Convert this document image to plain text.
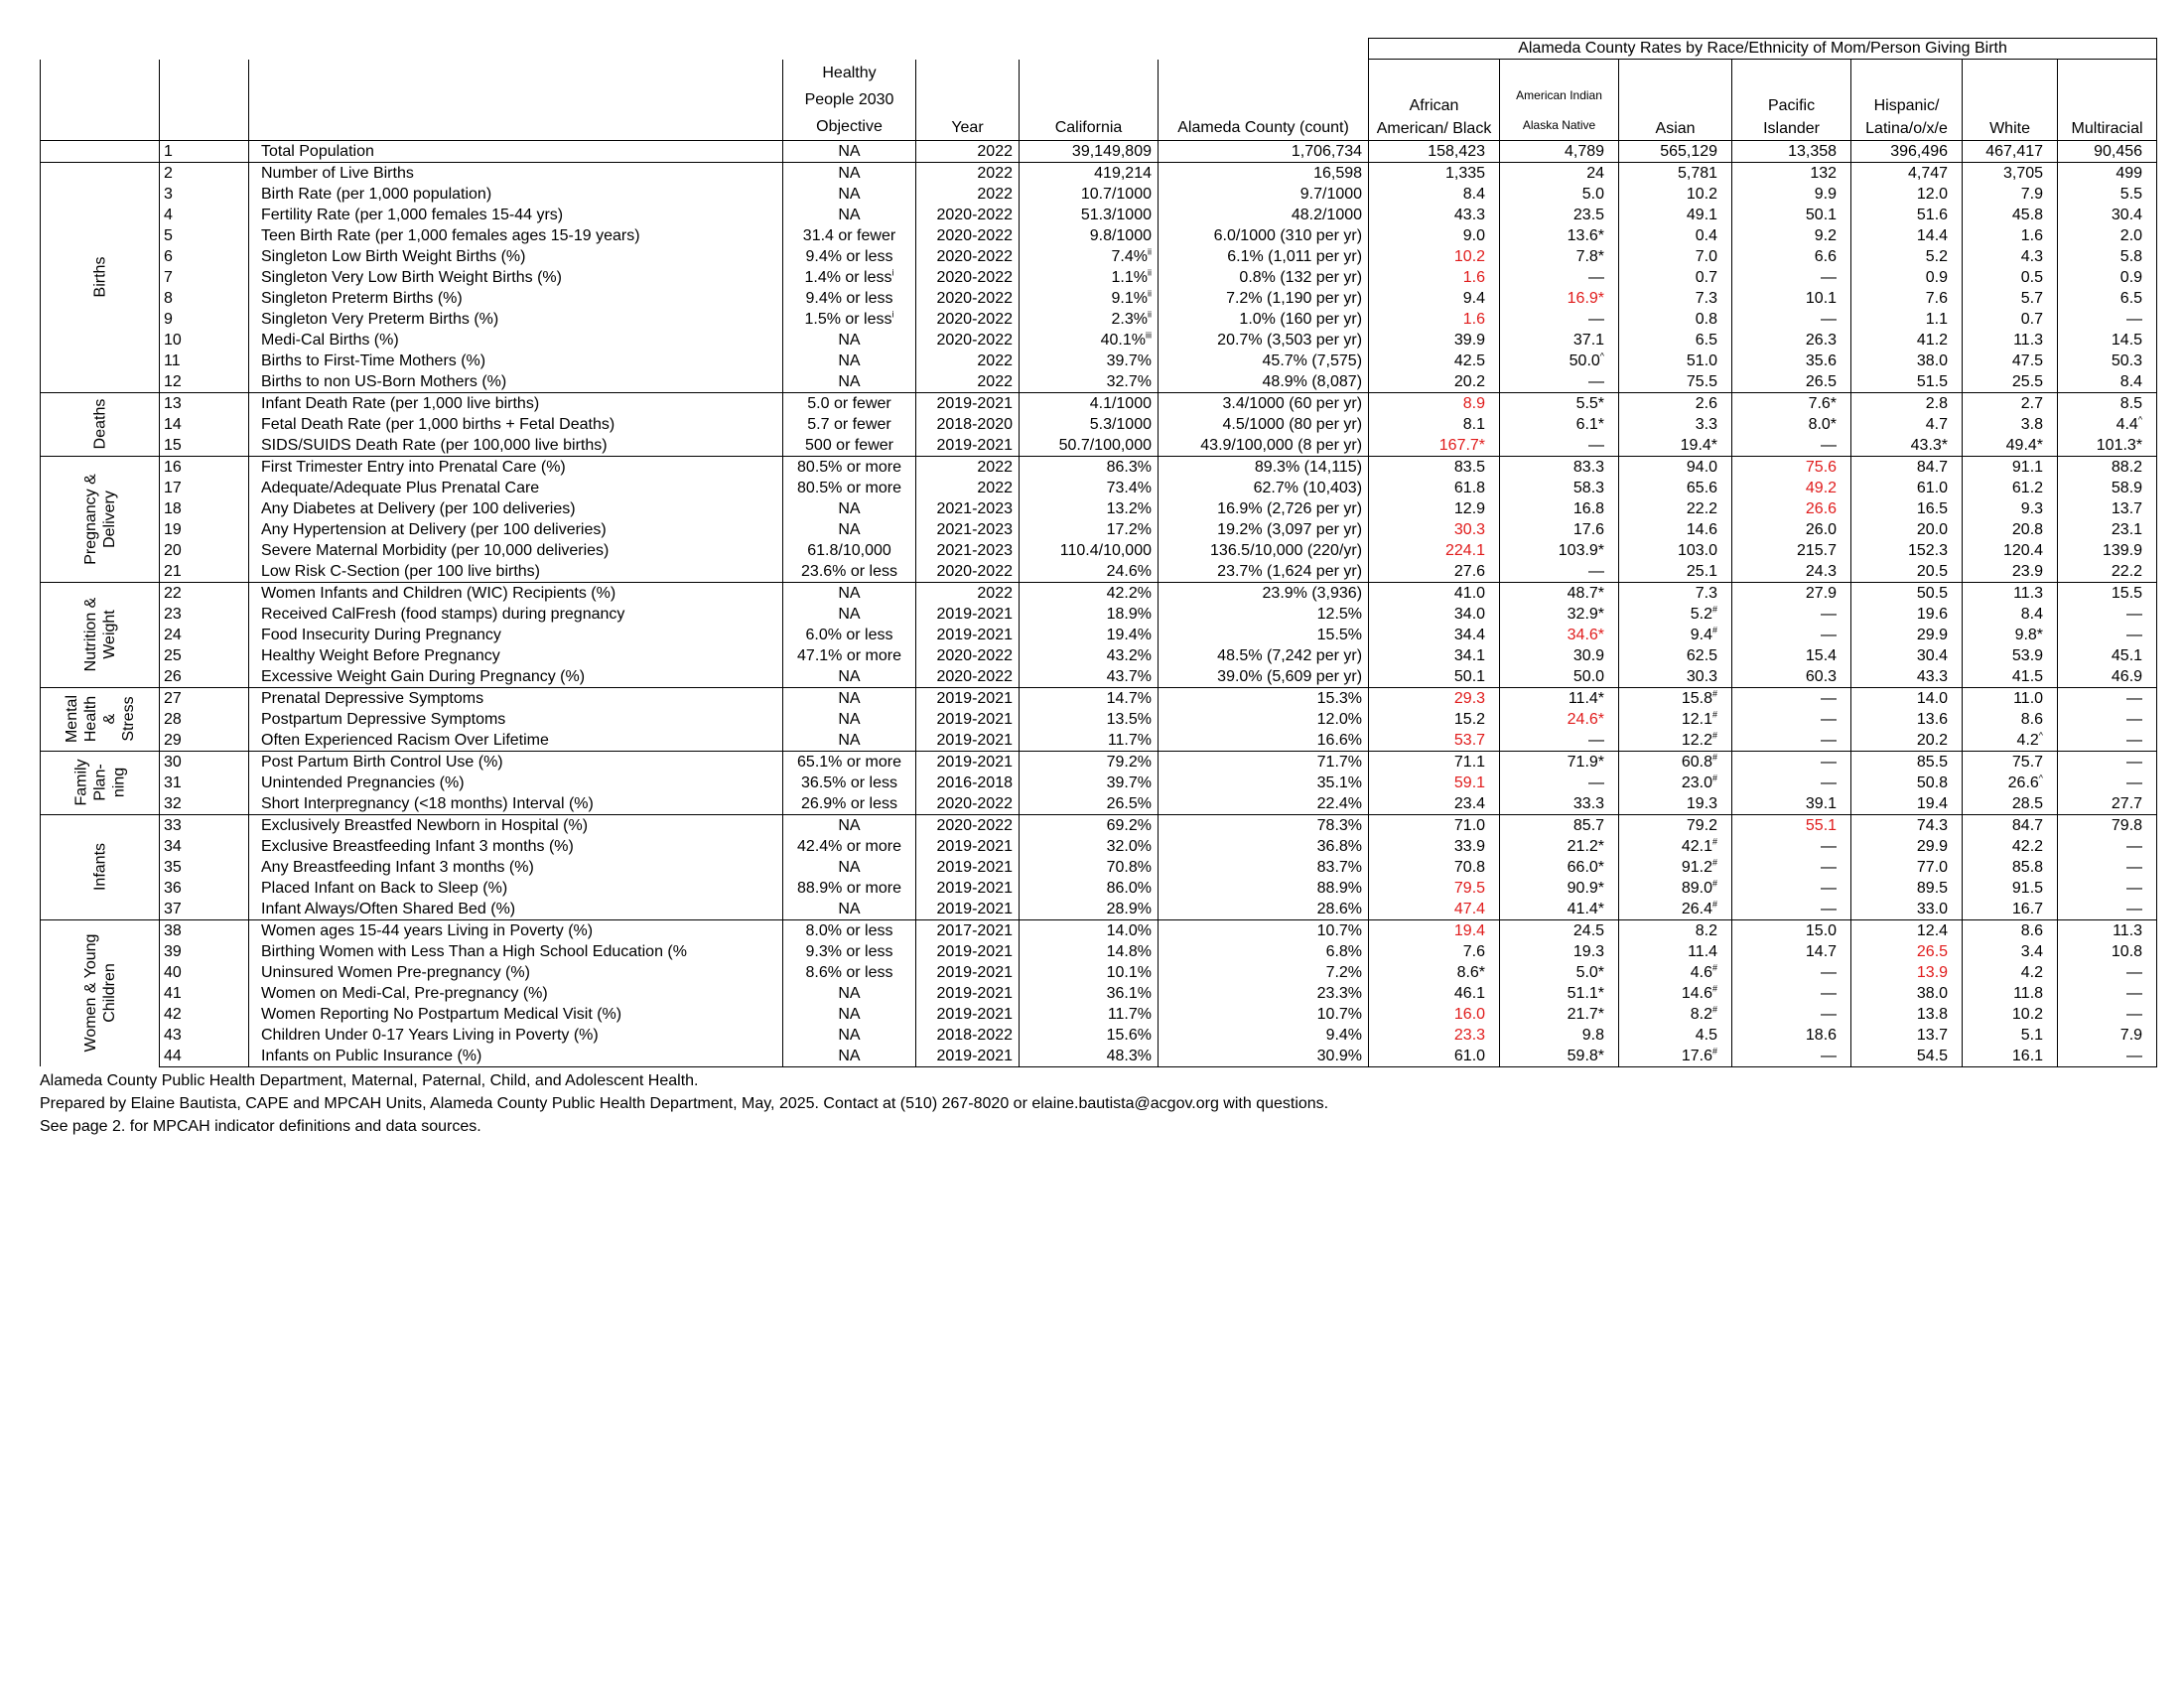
							Alameda County Rates by Race/Ethnicity of Mom/Person Giving Birth						
			Healthy People 2030 Objective	Year	California	Alameda County (count)	African American/ Black	American Indian Alaska Native	Asian	Pacific Islander	Hispanic/ Latina/o/x/e	White	Multiracial
	1	Total Population	NA	2022	39,149,809	1,706,734	158,423	4,789	565,129	13,358	396,496	467,417	90,456

Births	2	Number of Live Births	NA	2022	419,214	16,598	1,335	24	5,781	132	4,747	3,705	499
	3	Birth Rate (per 1,000 population)	NA	2022	10.7/1000	9.7/1000	8.4	5.0	10.2	9.9	12.0	7.9	5.5
	4	Fertility Rate (per 1,000 females 15-44 yrs)	NA	2020-2022	51.3/1000	48.2/1000	43.3	23.5	49.1	50.1	51.6	45.8	30.4
	5	Teen Birth Rate (per 1,000 females ages 15-19 years)	31.4 or fewer	2020-2022	9.8/1000	6.0/1000 (310 per yr)	9.0	13.6*	0.4	9.2	14.4	1.6	2.0
	6	Singleton Low Birth Weight Births (%)	9.4% or less	2020-2022	7.4%$^{ii}$	6.1% (1,011 per yr)	10.2	7.8*	7.0	6.6	5.2	4.3	5.8
	7	Singleton Very Low Birth Weight Births (%)	1.4% or less$^i$	2020-2022	1.1%$^{ii}$	0.8% (132 per yr)	1.6	—	0.7	—	0.9	0.5	0.9
	8	Singleton Preterm Births (%)	9.4% or less	2020-2022	9.1%$^{ii}$	7.2% (1,190 per yr)	9.4	16.9*	7.3	10.1	7.6	5.7	6.5
	9	Singleton Very Preterm Births (%)	1.5% or less$^i$	2020-2022	2.3%$^{ii}$	1.0% (160 per yr)	1.6	—	0.8	—	1.1	0.7	—
	10	Medi-Cal Births (%)	NA	2020-2022	40.1%$^{iii}$	20.7% (3,503 per yr)	39.9	37.1	6.5	26.3	41.2	11.3	14.5
	11	Births to First-Time Mothers (%)	NA	2022	39.7%	45.7% (7,575)	42.5	50.0^	51.0	35.6	38.0	47.5	50.3
	12	Births to non US-Born Mothers (%)	NA	2022	32.7%	48.9% (8,087)	20.2	—	75.5	26.5	51.5	25.5	8.4

Deaths	13	Infant Death Rate (per 1,000 live births)	5.0 or fewer	2019-2021	4.1/1000	3.4/1000 (60 per yr)	8.9	5.5*	2.6	7.6*	2.8	2.7	8.5
	14	Fetal Death Rate (per 1,000 births + Fetal Deaths)	5.7 or fewer	2018-2020	5.3/1000	4.5/1000 (80 per yr)	8.1	6.1*	3.3	8.0*	4.7	3.8	4.4^
	15	SIDS/SUIDS Death Rate (per 100,000 live births)	500 or fewer	2019-2021	50.7/100,000	43.9/100,000 (8 per yr)	167.7*	—	19.4*	—	43.3*	49.4*	101.3*

Pregnancy &
Delivery	16	First Trimester Entry into Prenatal Care (%)	80.5% or more	2022	86.3%	89.3% (14,115)	83.5	83.3	94.0	75.6	84.7	91.1	88.2
	17	Adequate/Adequate Plus Prenatal Care	80.5% or more	2022	73.4%	62.7% (10,403)	61.8	58.3	65.6	49.2	61.0	61.2	58.9
	18	Any Diabetes at Delivery (per 100 deliveries)	NA	2021-2023	13.2%	16.9% (2,726 per yr)	12.9	16.8	22.2	26.6	16.5	9.3	13.7
	19	Any Hypertension at Delivery (per 100 deliveries)	NA	2021-2023	17.2%	19.2% (3,097 per yr)	30.3	17.6	14.6	26.0	20.0	20.8	23.1
	20	Severe Maternal Morbidity (per 10,000 deliveries)	61.8/10,000	2021-2023	110.4/10,000	136.5/10,000 (220/yr)	224.1	103.9*	103.0	215.7	152.3	120.4	139.9
	21	Low Risk C-Section (per 100 live births)	23.6% or less	2020-2022	24.6%	23.7% (1,624 per yr)	27.6	—	25.1	24.3	20.5	23.9	22.2

Nutrition &
Weight	22	Women Infants and Children (WIC) Recipients (%)	NA	2022	42.2%	23.9% (3,936)	41.0	48.7*	7.3	27.9	50.5	11.3	15.5
	23	Received CalFresh (food stamps) during pregnancy	NA	2019-2021	18.9%	12.5%	34.0	32.9*	5.2#	—	19.6	8.4	—
	24	Food Insecurity During Pregnancy	6.0% or less	2019-2021	19.4%	15.5%	34.4	34.6*	9.4#	—	29.9	9.8*	—
	25	Healthy Weight Before Pregnancy	47.1% or more	2020-2022	43.2%	48.5% (7,242 per yr)	34.1	30.9	62.5	15.4	30.4	53.9	45.1
	26	Excessive Weight Gain During Pregnancy (%)	NA	2020-2022	43.7%	39.0% (5,609 per yr)	50.1	50.0	30.3	60.3	43.3	41.5	46.9

Mental
Health
&
Stress	27	Prenatal Depressive Symptoms	NA	2019-2021	14.7%	15.3%	29.3	11.4*	15.8#	—	14.0	11.0	—
	28	Postpartum Depressive Symptoms	NA	2019-2021	13.5%	12.0%	15.2	24.6*	12.1#	—	13.6	8.6	—
	29	Often Experienced Racism Over Lifetime	NA	2019-2021	11.7%	16.6%	53.7	—	12.2#	—	20.2	4.2^	—

Family
Plan-
ning	30	Post Partum Birth Control Use (%)	65.1% or more	2019-2021	79.2%	71.7%	71.1	71.9*	60.8#	—	85.5	75.7	—
	31	Unintended Pregnancies (%)	36.5% or less	2016-2018	39.7%	35.1%	59.1	—	23.0#	—	50.8	26.6^	—
	32	Short Interpregnancy (<18 months) Interval (%)	26.9% or less	2020-2022	26.5%	22.4%	23.4	33.3	19.3	39.1	19.4	28.5	27.7

Infants	33	Exclusively Breastfed Newborn in Hospital (%)	NA	2020-2022	69.2%	78.3%	71.0	85.7	79.2	55.1	74.3	84.7	79.8
	34	Exclusive Breastfeeding Infant 3 months (%)	42.4% or more	2019-2021	32.0%	36.8%	33.9	21.2*	42.1#	—	29.9	42.2	—
	35	Any Breastfeeding Infant 3 months (%)	NA	2019-2021	70.8%	83.7%	70.8	66.0*	91.2#	—	77.0	85.8	—
	36	Placed Infant on Back to Sleep (%)	88.9% or more	2019-2021	86.0%	88.9%	79.5	90.9*	89.0#	—	89.5	91.5	—
	37	Infant Always/Often Shared Bed (%)	NA	2019-2021	28.9%	28.6%	47.4	41.4*	26.4#	—	33.0	16.7	—

Women & Young
Children	38	Women ages 15-44 years Living in Poverty (%)	8.0% or less	2017-2021	14.0%	10.7%	19.4	24.5	8.2	15.0	12.4	8.6	11.3
	39	Birthing Women with Less Than a High School Education (%	9.3% or less	2019-2021	14.8%	6.8%	7.6	19.3	11.4	14.7	26.5	3.4	10.8
	40	Uninsured Women Pre-pregnancy (%)	8.6% or less	2019-2021	10.1%	7.2%	8.6*	5.0*	4.6#	—	13.9	4.2	—
	41	Women on Medi-Cal, Pre-pregnancy (%)	NA	2019-2021	36.1%	23.3%	46.1	51.1*	14.6#	—	38.0	11.8	—
	42	Women Reporting No Postpartum Medical Visit (%)	NA	2019-2021	11.7%	10.7%	16.0	21.7*	8.2#	—	13.8	10.2	—
	43	Children Under 0-17 Years Living in Poverty (%)	NA	2018-2022	15.6%	9.4%	23.3	9.8	4.5	18.6	13.7	5.1	7.9
	44	Infants on Public Insurance (%)	NA	2019-2021	48.3%	30.9%	61.0	59.8*	17.6#	—	54.5	16.1	—
Alameda County Public Health Department, Maternal, Paternal, Child, and Adolescent Health.
Prepared by Elaine Bautista, CAPE and MPCAH Units, Alameda County Public Health Department, May, 2025. Contact at (510) 267-8020 or elaine.bautista@acgov.org with questions.
See page 2. for MPCAH indicator definitions and data sources.
